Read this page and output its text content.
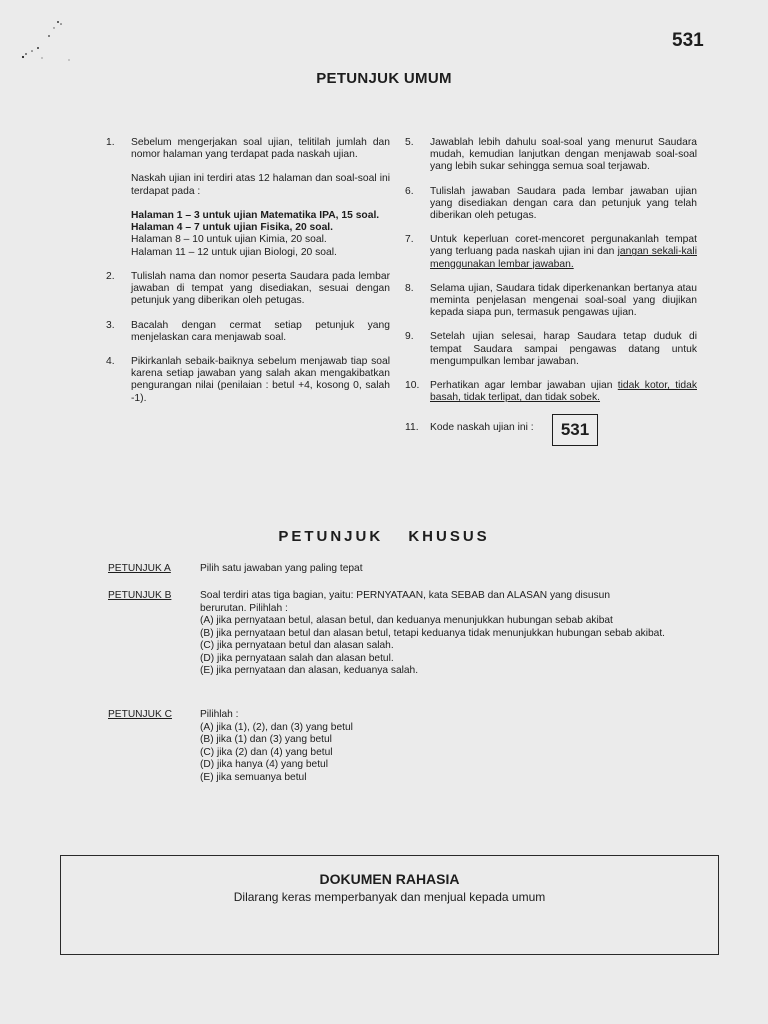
531
PETUNJUK UMUM
1. Sebelum mengerjakan soal ujian, telitilah jumlah dan nomor halaman yang terdapat pada naskah ujian.

Naskah ujian ini terdiri atas 12 halaman dan soal-soal ini terdapat pada :

Halaman 1 – 3 untuk ujian Matematika IPA, 15 soal.
Halaman 4 – 7 untuk ujian Fisika, 20 soal.
Halaman 8 – 10 untuk ujian Kimia, 20 soal.
Halaman 11 – 12 untuk ujian Biologi, 20 soal.
2. Tulislah nama dan nomor peserta Saudara pada lembar jawaban di tempat yang disediakan, sesuai dengan petunjuk yang diberikan oleh petugas.

3. Bacalah dengan cermat setiap petunjuk yang menjelaskan cara menjawab soal.

4. Pikirkanlah sebaik-baiknya sebelum menjawab tiap soal karena setiap jawaban yang salah akan mengakibatkan pengurangan nilai (penilaian : betul +4, kosong 0, salah -1).

5. Jawablah lebih dahulu soal-soal yang menurut Saudara mudah, kemudian lanjutkan dengan menjawab soal-soal yang lebih sukar sehingga semua soal terjawab.

6. Tulislah jawaban Saudara pada lembar jawaban ujian yang disediakan dengan cara dan petunjuk yang telah diberikan oleh petugas.

7. Untuk keperluan coret-mencoret pergunakanlah tempat yang terluang pada naskah ujian ini dan jangan sekali-kali menggunakan lembar jawaban.

8. Selama ujian, Saudara tidak diperkenankan bertanya atau meminta penjelasan mengenai soal-soal yang diujikan kepada siapa pun, termasuk pengawas ujian.

9. Setelah ujian selesai, harap Saudara tetap duduk di tempat Saudara sampai pengawas datang untuk mengumpulkan lembar jawaban.

10. Perhatikan agar lembar jawaban ujian tidak kotor, tidak basah, tidak terlipat, dan tidak sobek.

11. Kode naskah ujian ini :	531
PETUNJUK KHUSUS
PETUNJUK A	Pilih satu jawaban yang paling tepat
PETUNJUK B	Soal terdiri atas tiga bagian, yaitu: PERNYATAAN, kata SEBAB dan ALASAN yang disusun
berurutan. Pilihlah :
(A) jika pernyataan betul, alasan betul, dan keduanya menunjukkan hubungan sebab akibat
(B) jika pernyataan betul dan alasan betul, tetapi keduanya tidak menunjukkan hubungan sebab akibat.
(C) jika pernyataan betul dan alasan salah.
(D) jika pernyataan salah dan alasan betul.
(E) jika pernyataan dan alasan, keduanya salah.
PETUNJUK C	Pilihlah :
(A) jika (1), (2), dan (3) yang betul
(B) jika (1) dan (3) yang betul
(C) jika (2) dan (4) yang betul
(D) jika hanya (4) yang betul
(E) jika semuanya betul
DOKUMEN RAHASIA
Dilarang keras memperbanyak dan menjual kepada umum
